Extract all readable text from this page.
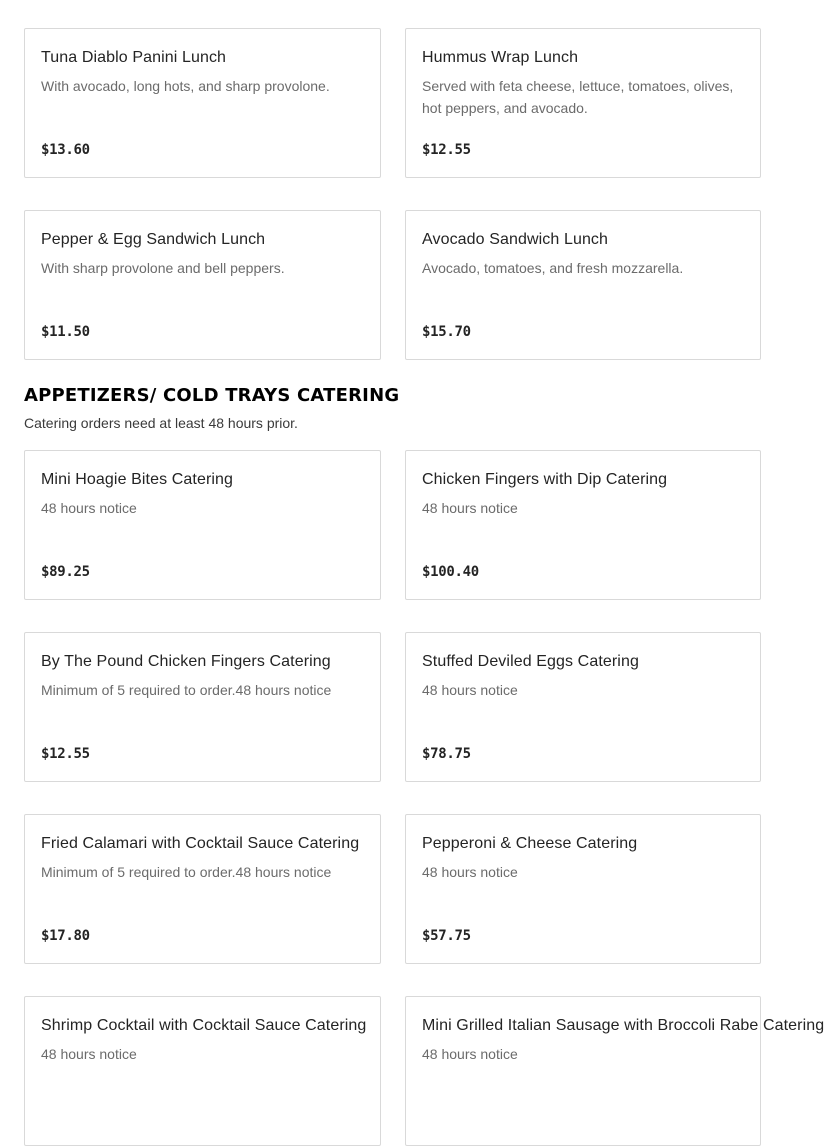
Tuna Diablo Panini Lunch
With avocado, long hots, and sharp provolone.
$13.60
Hummus Wrap Lunch
Served with feta cheese, lettuce, tomatoes, olives, hot peppers, and avocado.
$12.55
Pepper & Egg Sandwich Lunch
With sharp provolone and bell peppers.
$11.50
Avocado Sandwich Lunch
Avocado, tomatoes, and fresh mozzarella.
$15.70
APPETIZERS/ COLD TRAYS CATERING
Catering orders need at least 48 hours prior.
Mini Hoagie Bites Catering
48 hours notice
$89.25
Chicken Fingers with Dip Catering
48 hours notice
$100.40
By The Pound Chicken Fingers Catering
Minimum of 5 required to order.48 hours notice
$12.55
Stuffed Deviled Eggs Catering
48 hours notice
$78.75
Fried Calamari with Cocktail Sauce Catering
Minimum of 5 required to order.48 hours notice
$17.80
Pepperoni & Cheese Catering
48 hours notice
$57.75
Shrimp Cocktail with Cocktail Sauce Catering
48 hours notice
Mini Grilled Italian Sausage with Broccoli Rabe Catering
48 hours notice
